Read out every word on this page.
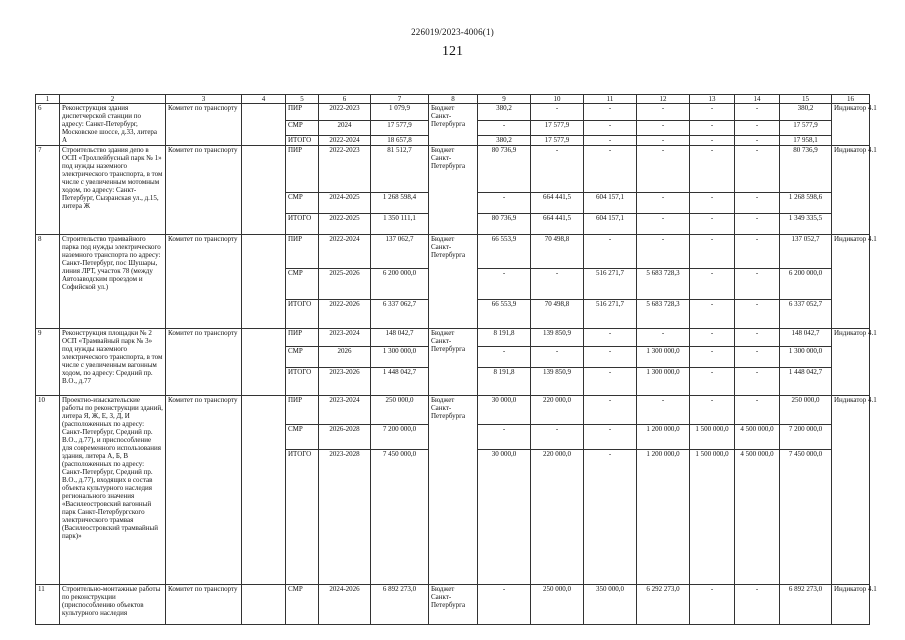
226019/2023-4006(1)
121
1	2	3	4	5	6	7	8	9	10	11	12	13	14	15	16
6	Реконструкция здания диспетчерской станции по адресу: Санкт-Петербург, Московское шоссе, д.33, литера А	Комитет по транспорту		ПИР	2022-2023	1 079,9	Бюджет Санкт-Петербурга	380,2	-	-	-	-	-	380,2	Индикатор 4.1
				СМР	2024	17 577,9		-	17 577,9	-	-	-	-	17 577,9	
				ИТОГО	2022-2024	18 657,8		380,2	17 577,9	-	-	-	-	17 958,1	
7	Строительство здания депо в ОСП «Троллейбусный парк № 1» под нужды наземного электрического транспорта, в том числе с увеличенным мотомным ходом, по адресу: Санкт-Петербург, Сызранская ул., д.15, литера Ж	Комитет по транспорту		ПИР	2022-2023	81 512,7	Бюджет Санкт-Петербурга	80 736,9	-	-	-	-	-	80 736,9	Индикатор 4.1
				СМР	2024-2025	1 268 598,4		-	664 441,5	604 157,1	-	-	-	1 268 598,6	
				ИТОГО	2022-2025	1 350 111,1		80 736,9	664 441,5	604 157,1	-	-	-	1 349 335,5	
8	Строительство трамвайного парка под нужды электрического наземного транспорта по адресу: Санкт-Петербург, пос Шушары, линия ЛРТ, участок 78 (между Автозаводским проездом и Софийской ул.)	Комитет по транспорту		ПИР	2022-2024	137 062,7	Бюджет Санкт-Петербурга	66 553,9	70 498,8	-	-	-	-	137 052,7	Индикатор 4.1
				СМР	2025-2026	6 200 000,0		-	-	516 271,7	5 683 728,3	-	-	6 200 000,0	
				ИТОГО	2022-2026	6 337 062,7		66 553,9	70 498,8	516 271,7	5 683 728,3	-	-	6 337 052,7	
9	Реконструкция площадки № 2 ОСП «Трамвайный парк № 3» под нужды наземного электрического транспорта, в том числе с увеличенным вагонным ходом, по адресу: Средний пр. В.О., д.77	Комитет по транспорту		ПИР	2023-2024	148 042,7	Бюджет Санкт-Петербурга	8 191,8	139 850,9	-	-	-	-	148 042,7	Индикатор 4.1
				СМР	2026	1 300 000,0		-	-	-	1 300 000,0	-	-	1 300 000,0	
				ИТОГО	2023-2026	1 448 042,7		8 191,8	139 850,9	-	1 300 000,0	-	-	1 448 042,7	
10	Проектно-изыскательские работы по реконструкции зданий, литера Я, Ж, Е, З, Д, И (расположенных по адресу: Санкт-Петербург, Средний пр. В.О., д.77), и приспособление для современного использования здания, литера А, Б, В (расположенных по адресу: Санкт-Петербург, Средний пр. В.О., д.77), входящих в состав объекта культурного наследия регионального значения «Василеостровский вагонный парк Санкт-Петербургского электрического трамвая (Василеостровский трамвайный парк)»	Комитет по транспорту		ПИР	2023-2024	250 000,0	Бюджет Санкт-Петербурга	30 000,0	220 000,0	-	-	-	-	250 000,0	Индикатор 4.1
				СМР	2026-2028	7 200 000,0		-	-	-	1 200 000,0	1 500 000,0	4 500 000,0	7 200 000,0	
				ИТОГО	2023-2028	7 450 000,0		30 000,0	220 000,0	-	1 200 000,0	1 500 000,0	4 500 000,0	7 450 000,0	
11	Строительно-монтажные работы по реконструкции (приспособлению объектов культурного наследия	Комитет по транспорту		СМР	2024-2026	6 892 273,0	Бюджет Санкт-Петербурга	-	250 000,0	350 000,0	6 292 273,0	-	-	6 892 273,0	Индикатор 4.1
